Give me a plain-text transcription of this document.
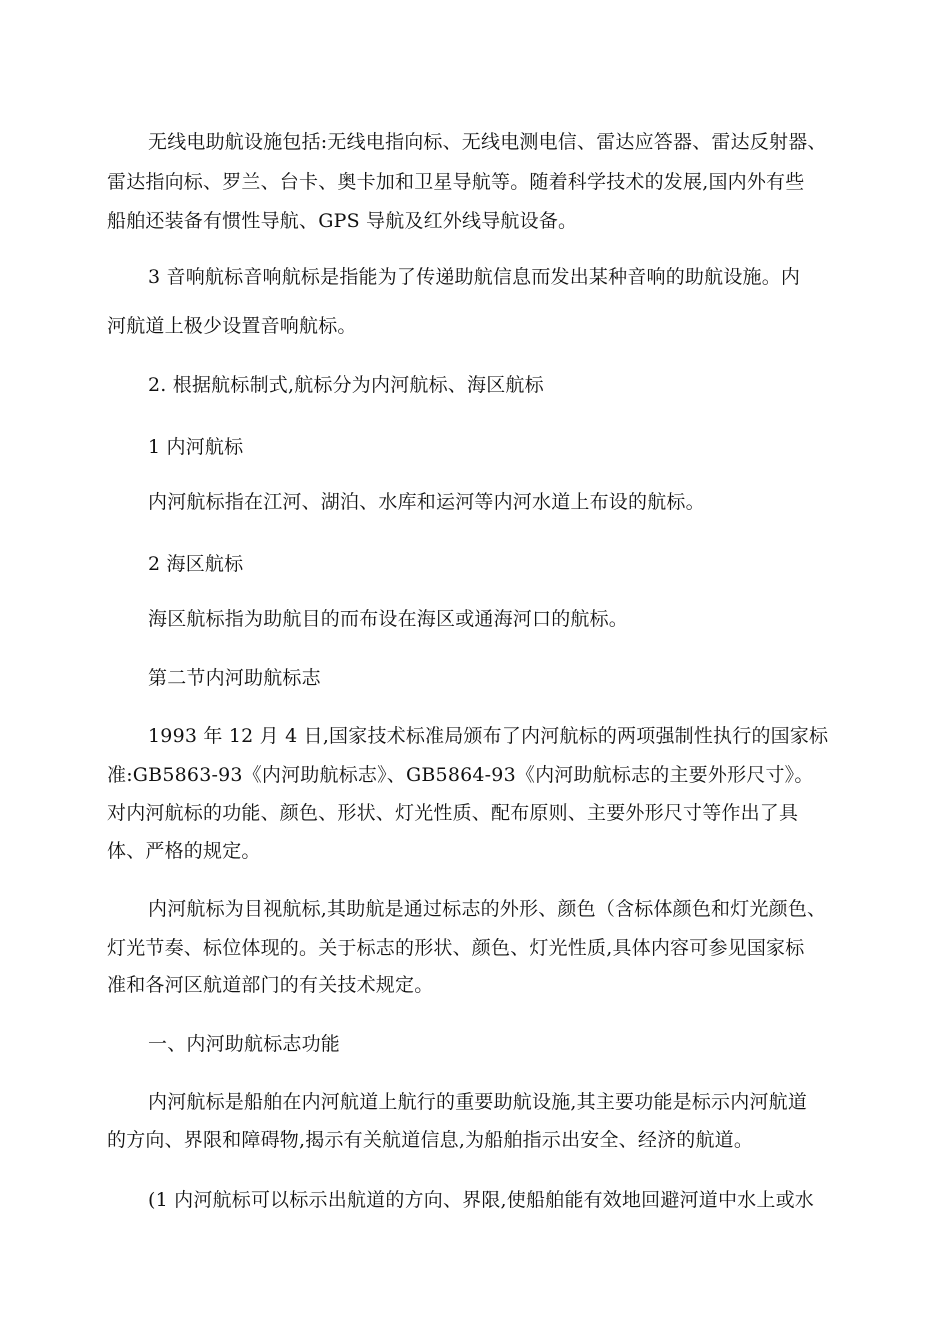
无线电助航设施包括:无线电指向标、无线电测电信、雷达应答器、雷达反射器、
雷达指向标、罗兰、台卡、奥卡加和卫星导航等。随着科学技术的发展,国内外有些
船舶还装备有惯性导航、GPS 导航及红外线导航设备。
3 音响航标音响航标是指能为了传递助航信息而发出某种音响的助航设施。内
河航道上极少设置音响航标。
2. 根据航标制式,航标分为内河航标、海区航标
1 内河航标
内河航标指在江河、湖泊、水库和运河等内河水道上布设的航标。
2 海区航标
海区航标指为助航目的而布设在海区或通海河口的航标。
第二节内河助航标志
1993 年 12 月 4 日,国家技术标准局颁布了内河航标的两项强制性执行的国家标
准:GB5863-93《内河助航标志》、GB5864-93《内河助航标志的主要外形尺寸》。
对内河航标的功能、颜色、形状、灯光性质、配布原则、主要外形尺寸等作出了具
体、严格的规定。
内河航标为目视航标,其助航是通过标志的外形、颜色（含标体颜色和灯光颜色、
灯光节奏、标位体现的。关于标志的形状、颜色、灯光性质,具体内容可参见国家标
准和各河区航道部门的有关技术规定。
一、内河助航标志功能
内河航标是船舶在内河航道上航行的重要助航设施,其主要功能是标示内河航道
的方向、界限和障碍物,揭示有关航道信息,为船舶指示出安全、经济的航道。
(1 内河航标可以标示出航道的方向、界限,使船舶能有效地回避河道中水上或水
